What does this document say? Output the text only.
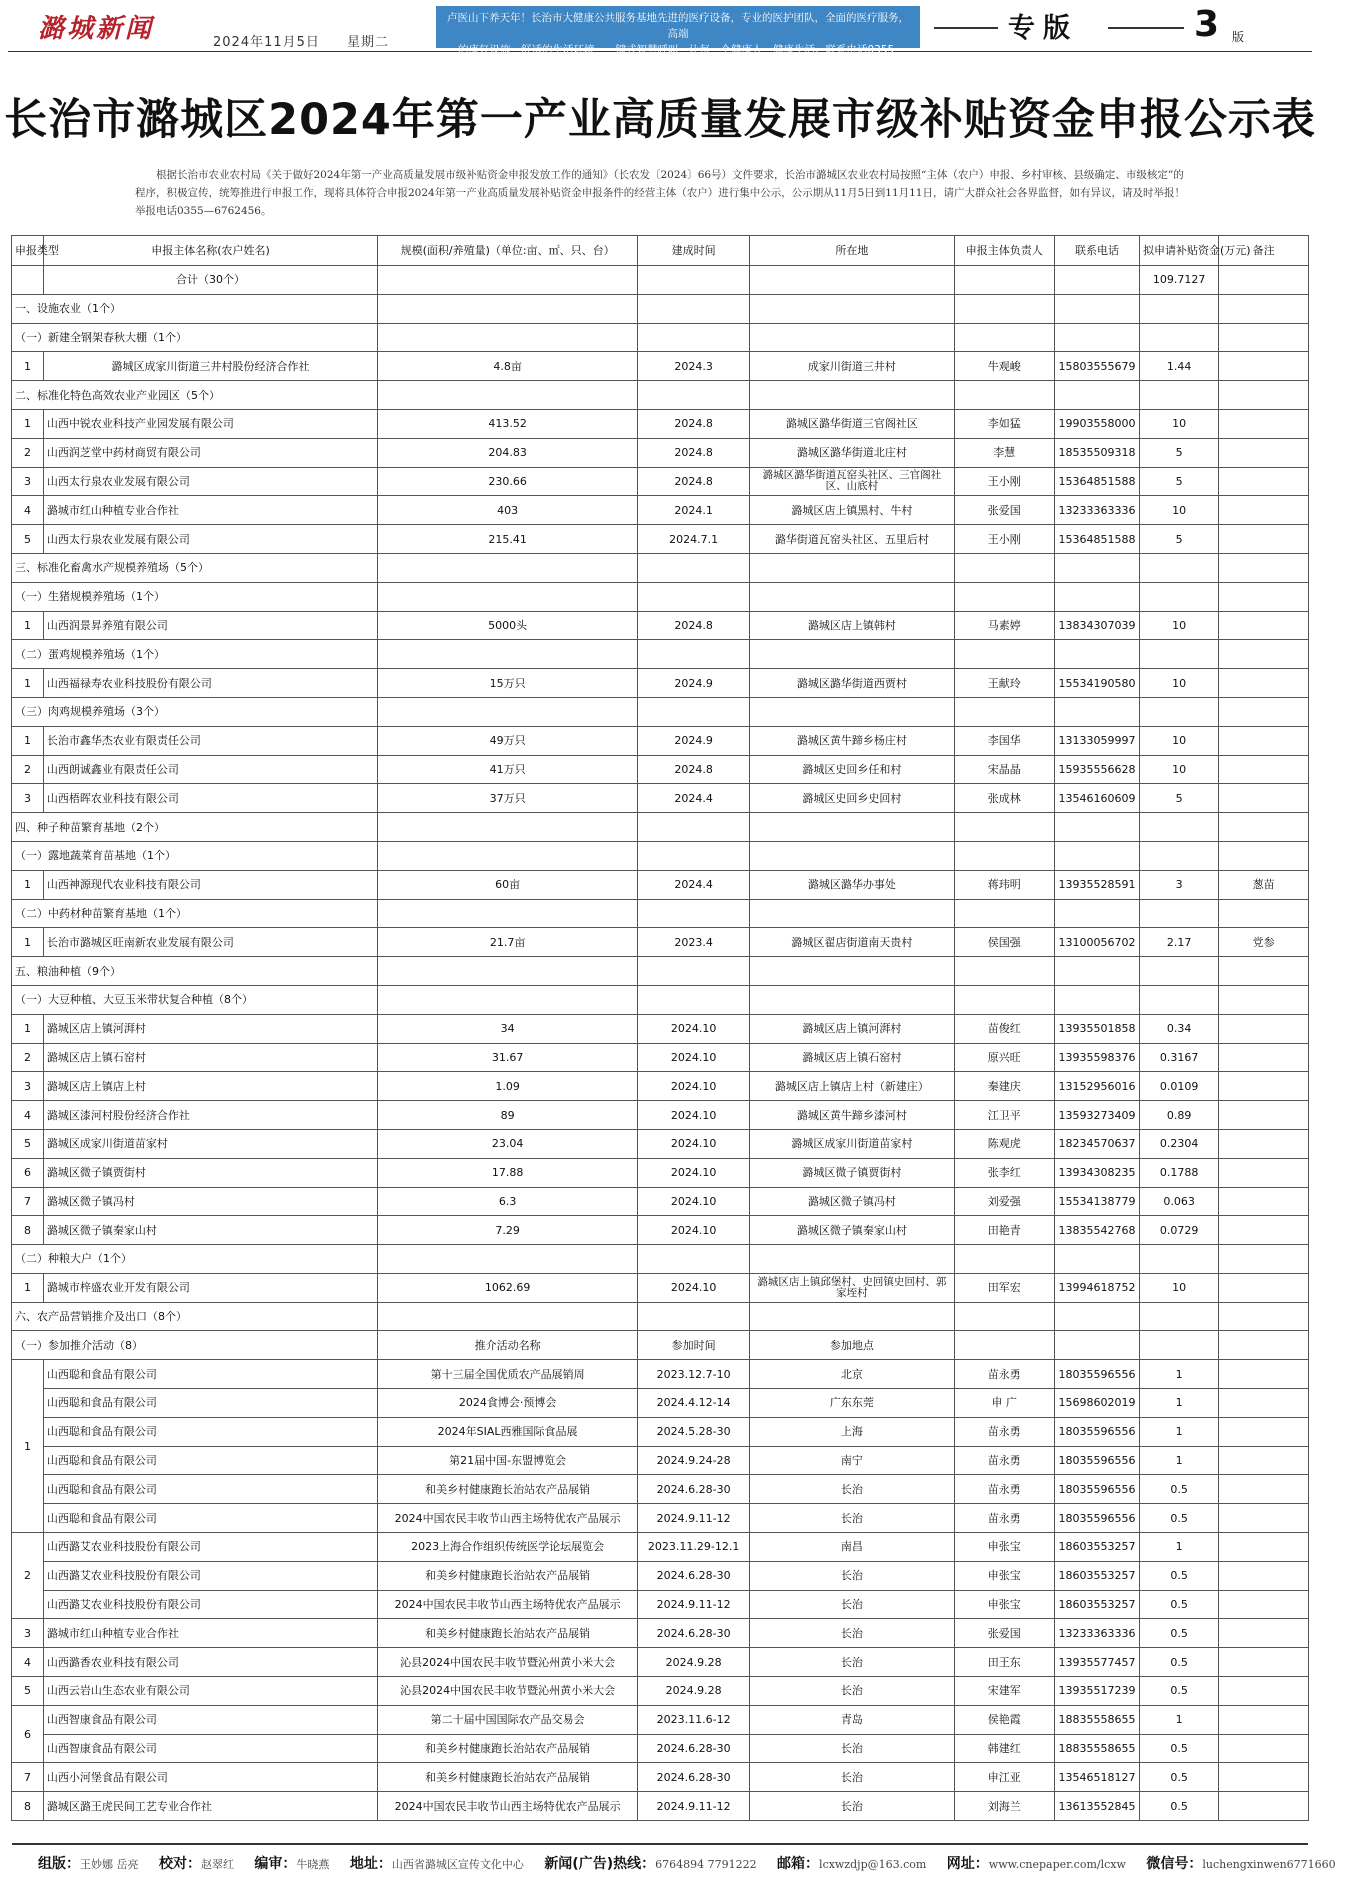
潞城新闻	2024年11月5日 星期二
卢医山下养天年！长治市大健康公共服务基地先进的医疗设备，专业的医护团队，全面的医疗服务，高端
的康复设施，舒适的生活环境，一键式智慧呼叫，让每一个健康人，健康生活。联系电话0355-3519999
专版	3 版
长治市潞城区2024年第一产业高质量发展市级补贴资金申报公示表

根据长治市农业农村局《关于做好2024年第一产业高质量发展市级补贴资金申报发放工作的通知》（长农发〔2024〕66号）文件要求，长治市潞城区农业农村局按照“主体（农户）申报、乡村审核、县级确定、市级核定”的程序，积极宣传，统筹推进行申报工作，现将具体符合申报2024年第一产业高质量发展补贴资金申报条件的经营主体（农户）进行集中公示，公示期从11月5日到11月11日，请广大群众社会各界监督，如有异议，请及时举报！举报电话0355—6762456。

申报类型	申报主体名称(农户姓名)	规模(面积/养殖量)（单位:亩、㎡、只、台）	建成时间	所在地	申报主体负责人	联系电话	拟申请补贴资金(万元)	备注
	合计（30个）						109.7127	
一、设施农业（1个）								
（一）新建全钢架春秋大棚（1个）								
1	潞城区成家川街道三井村股份经济合作社	4.8亩	2024.3	成家川街道三井村	牛观峻	15803555679	1.44	
二、标准化特色高效农业产业园区（5个）								
1	山西中锐农业科技产业园发展有限公司	413.52	2024.8	潞城区潞华街道三官阁社区	李如猛	19903558000	10	
2	山西润芝堂中药材商贸有限公司	204.83	2024.8	潞城区潞华街道北庄村	李慧	18535509318	5	
3	山西太行泉农业发展有限公司	230.66	2024.8	潞城区潞华街道瓦窑头社区、三官阁社区、山底村	王小刚	15364851588	5	
4	潞城市红山种植专业合作社	403	2024.1	潞城区店上镇黑村、牛村	张爱国	13233363336	10	
5	山西太行泉农业发展有限公司	215.41	2024.7.1	潞华街道瓦窑头社区、五里后村	王小刚	15364851588	5	
三、标准化畜禽水产规模养殖场（5个）								
（一）生猪规模养殖场（1个）								
1	山西润景昇养殖有限公司	5000头	2024.8	潞城区店上镇韩村	马素婷	13834307039	10	
（二）蛋鸡规模养殖场（1个）								
1	山西福禄寿农业科技股份有限公司	15万只	2024.9	潞城区潞华街道西贾村	王献玲	15534190580	10	
（三）肉鸡规模养殖场（3个）								
1	长治市鑫华杰农业有限责任公司	49万只	2024.9	潞城区黄牛蹄乡杨庄村	李国华	13133059997	10	
2	山西朗诚鑫业有限责任公司	41万只	2024.8	潞城区史回乡任和村	宋晶晶	15935556628	10	
3	山西梧晖农业科技有限公司	37万只	2024.4	潞城区史回乡史回村	张成林	13546160609	5	
四、种子种苗繁育基地（2个）								
（一）露地蔬菜育苗基地（1个）								
1	山西神源现代农业科技有限公司	60亩	2024.4	潞城区潞华办事处	蒋玮明	13935528591	3	葱苗
（二）中药材种苗繁育基地（1个）								
1	长治市潞城区旺南新农业发展有限公司	21.7亩	2023.4	潞城区翟店街道南天贵村	侯国强	13100056702	2.17	党参
五、粮油种植（9个）								
（一）大豆种植、大豆玉米带状复合种植（8个）								
1	潞城区店上镇河湃村	34	2024.10	潞城区店上镇河湃村	苗俊红	13935501858	0.34	
2	潞城区店上镇石窑村	31.67	2024.10	潞城区店上镇石窑村	原兴旺	13935598376	0.3167	
3	潞城区店上镇店上村	1.09	2024.10	潞城区店上镇店上村（新建庄）	秦建庆	13152956016	0.0109	
4	潞城区漆河村股份经济合作社	89	2024.10	潞城区黄牛蹄乡漆河村	江卫平	13593273409	0.89	
5	潞城区成家川街道苗家村	23.04	2024.10	潞城区成家川街道苗家村	陈观虎	18234570637	0.2304	
6	潞城区微子镇贾街村	17.88	2024.10	潞城区微子镇贾街村	张李红	13934308235	0.1788	
7	潞城区微子镇冯村	6.3	2024.10	潞城区微子镇冯村	刘爱强	15534138779	0.063	
8	潞城区微子镇秦家山村	7.29	2024.10	潞城区微子镇秦家山村	田艳青	13835542768	0.0729	
（二）种粮大户（1个）								
1	潞城市梓盛农业开发有限公司	1062.69	2024.10	潞城区店上镇邱堡村、史回镇史回村、郭家垤村	田军宏	13994618752	10	
六、农产品营销推介及出口（8个）								
（一）参加推介活动（8）		推介活动名称	参加时间	参加地点				
1	山西聪和食品有限公司	第十三届全国优质农产品展销周	2023.12.7-10	北京	苗永勇	18035596556	1	
	山西聪和食品有限公司	2024食博会·预博会	2024.4.12-14	广东东莞	申 广	15698602019	1	
	山西聪和食品有限公司	2024年SIAL西雅国际食品展	2024.5.28-30	上海	苗永勇	18035596556	1	
	山西聪和食品有限公司	第21届中国-东盟博览会	2024.9.24-28	南宁	苗永勇	18035596556	1	
	山西聪和食品有限公司	和美乡村健康跑长治站农产品展销	2024.6.28-30	长治	苗永勇	18035596556	0.5	
	山西聪和食品有限公司	2024中国农民丰收节山西主场特优农产品展示	2024.9.11-12	长治	苗永勇	18035596556	0.5	
2	山西潞艾农业科技股份有限公司	2023上海合作组织传统医学论坛展览会	2023.11.29-12.1	南昌	申张宝	18603553257	1	
	山西潞艾农业科技股份有限公司	和美乡村健康跑长治站农产品展销	2024.6.28-30	长治	申张宝	18603553257	0.5	
	山西潞艾农业科技股份有限公司	2024中国农民丰收节山西主场特优农产品展示	2024.9.11-12	长治	申张宝	18603553257	0.5	
3	潞城市红山种植专业合作社	和美乡村健康跑长治站农产品展销	2024.6.28-30	长治	张爱国	13233363336	0.5	
4	山西潞香农业科技有限公司	沁县2024中国农民丰收节暨沁州黄小米大会	2024.9.28	长治	田王东	13935577457	0.5	
5	山西云岩山生态农业有限公司	沁县2024中国农民丰收节暨沁州黄小米大会	2024.9.28	长治	宋建军	13935517239	0.5	
6	山西智康食品有限公司	第二十届中国国际农产品交易会	2023.11.6-12	青岛	侯艳霞	18835558655	1	
	山西智康食品有限公司	和美乡村健康跑长治站农产品展销	2024.6.28-30	长治	韩建红	18835558655	0.5	
7	山西小河堡食品有限公司	和美乡村健康跑长治站农产品展销	2024.6.28-30	长治	申江亚	13546518127	0.5	
8	潞城区潞王虎民间工艺专业合作社	2024中国农民丰收节山西主场特优农产品展示	2024.9.11-12	长治	刘海兰	13613552845	0.5	
组版：王妙娜 岳亮 校对：赵翠红 编审：牛晓燕 地址：山西省潞城区宣传文化中心 新闻(广告)热线：6764894 7791222 邮箱：lcxwzdjp@163.com 网址：www.cnepaper.com/lcxw 微信号：luchengxinwen6771660
